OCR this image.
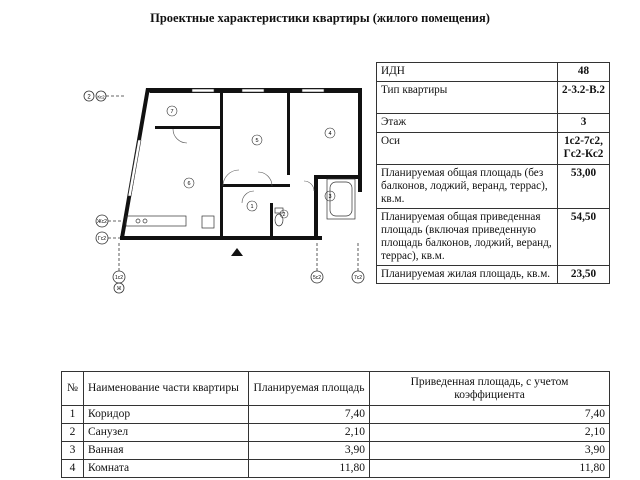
Проектные характеристики квартиры (жилого помещения)
2 Кс2
Жс2
Гс2
1с2	5с2	7с2
Ж
7
5
4
6
1
3
2
ИДН	48
Тип квартиры	2-3.2-В.2
Этаж	3
Оси	1с2-7с2, Гс2-Кс2
Планируемая общая площадь (без балконов, лоджий, веранд, террас), кв.м.	53,00
Планируемая общая приведенная площадь (включая приведенную площадь балконов, лоджий, веранд, террас), кв.м.	54,50
Планируемая жилая площадь, кв.м.	23,50
№	Наименование части квартиры	Планируемая площадь	Приведенная площадь, с учетом коэффициента
1	Коридор	7,40	7,40
2	Санузел	2,10	2,10
3	Ванная	3,90	3,90
4	Комната	11,80	11,80
